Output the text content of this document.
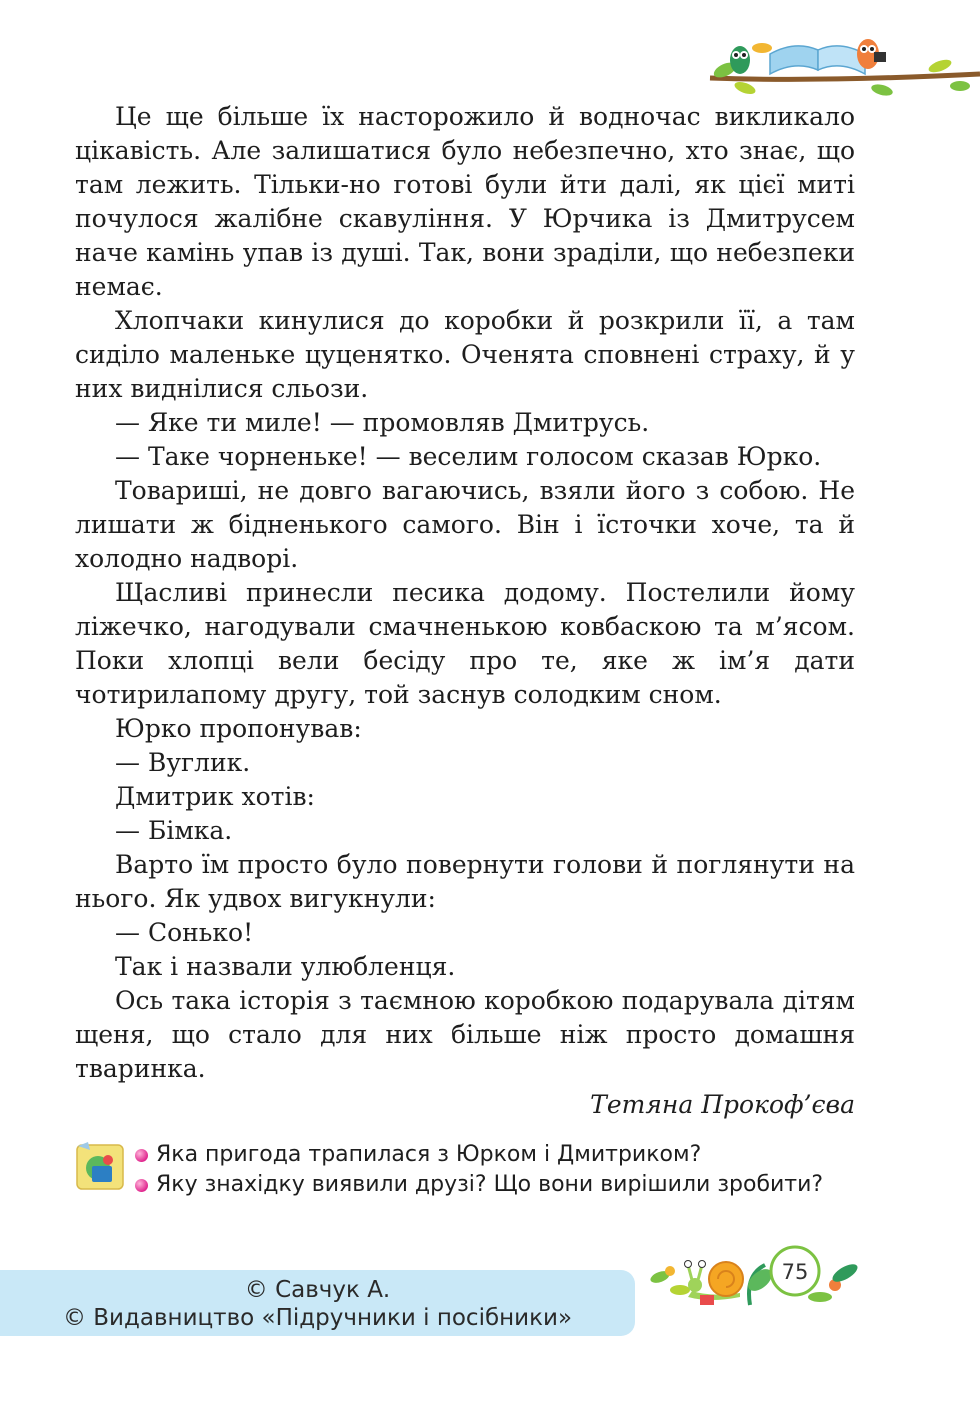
Це ще більше їх насторожило й водночас викликало цікавість. Але залишатися було небезпечно, хто знає, що там лежить. Тільки-но готові були йти далі, як цієї миті почулося жалібне скавуління. У Юрчика із Дмитрусем наче камінь упав із душі. Так, вони зраділи, що небезпеки немає.

Хлопчаки кинулися до коробки й розкрили її, а там сиділо маленьке цуценятко. Оченята сповнені страху, й у них виднілися сльози.

— Яке ти миле! — промовляв Дмитрусь.

— Таке чорненьке! — веселим голосом сказав Юрко.

Товариші, не довго вагаючись, взяли його з собою. Не лишати ж бідненького самого. Він і їсточки хоче, та й холодно надворі.

Щасливі принесли песика додому. Постелили йому ліжечко, нагодували смачненькою ковбаскою та м’ясом. Поки хлопці вели бесіду про те, яке ж ім’я дати чотирилапому другу, той заснув солодким сном.

Юрко пропонував:

— Вуглик.

Дмитрик хотів:

— Бімка.

Варто їм просто було повернути голови й поглянути на нього. Як удвох вигукнули:

— Сонько!

Так і назвали улюбленця.

Ось така історія з таємною коробкою подарувала дітям щеня, що стало для них більше ніж просто домашня тваринка.

Тетяна Прокоф’єва
Яка пригода трапилася з Юрком і Дмитриком?
Яку знахідку виявили друзі? Що вони вирішили зробити?
© Савчук А.
© Видавництво «Підручники і посібники»
75
